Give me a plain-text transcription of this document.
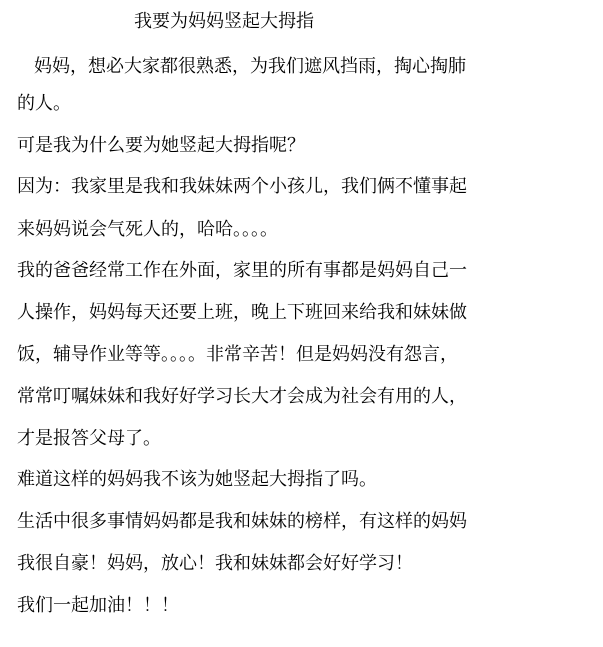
我要为妈妈竖起大拇指
妈妈，想必大家都很熟悉，为我们遮风挡雨，掏心掏肺
的人。
可是我为什么要为她竖起大拇指呢？
因为：我家里是我和我妹妹两个小孩儿，我们俩不懂事起
来妈妈说会气死人的，哈哈。。。。
我的爸爸经常工作在外面，家里的所有事都是妈妈自己一
人操作，妈妈每天还要上班，晚上下班回来给我和妹妹做
饭，辅导作业等等。。。。非常辛苦！但是妈妈没有怨言，
常常叮嘱妹妹和我好好学习长大才会成为社会有用的人，
才是报答父母了。
难道这样的妈妈我不该为她竖起大拇指了吗。
生活中很多事情妈妈都是我和妹妹的榜样，有这样的妈妈
我很自豪！妈妈，放心！我和妹妹都会好好学习！
我们一起加油！！！
